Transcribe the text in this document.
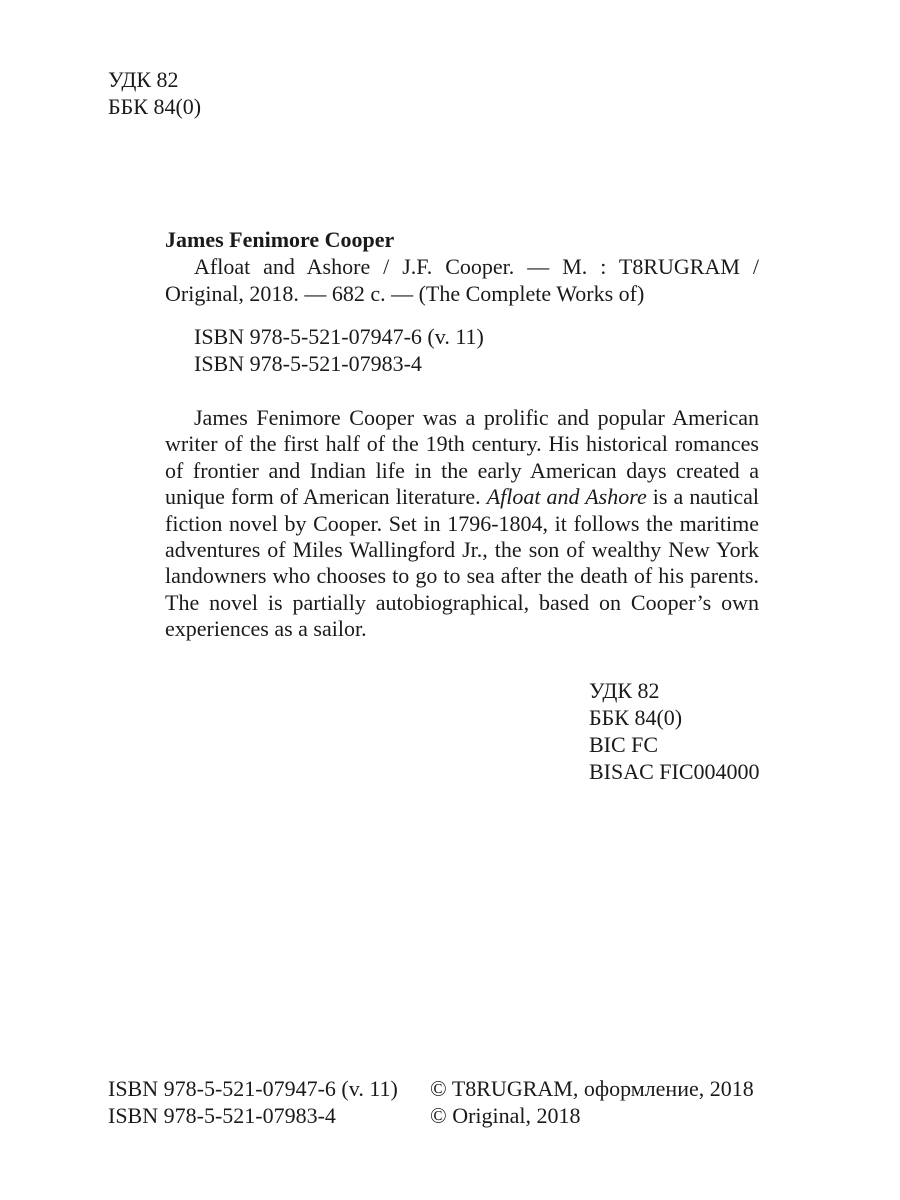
УДК 82
ББК 84(0)
James Fenimore Cooper
Afloat and Ashore / J.F. Cooper. — M. : T8RUGRAM / Original, 2018. — 682 c. — (The Complete Works of)
ISBN 978-5-521-07947-6 (v. 11)
ISBN 978-5-521-07983-4
James Fenimore Cooper was a prolific and popular American writer of the first half of the 19th century. His historical romances of frontier and Indian life in the early American days created a unique form of American literature. Afloat and Ashore is a nautical fiction novel by Cooper. Set in 1796-1804, it follows the maritime adventures of Miles Wallingford Jr., the son of wealthy New York landowners who chooses to go to sea after the death of his parents. The novel is partially autobiographical, based on Cooper’s own experiences as a sailor.
УДК 82
ББК 84(0)
BIC FC
BISAC FIC004000
ISBN 978-5-521-07947-6 (v. 11)	© T8RUGRAM, оформление, 2018
ISBN 978-5-521-07983-4	© Original, 2018
